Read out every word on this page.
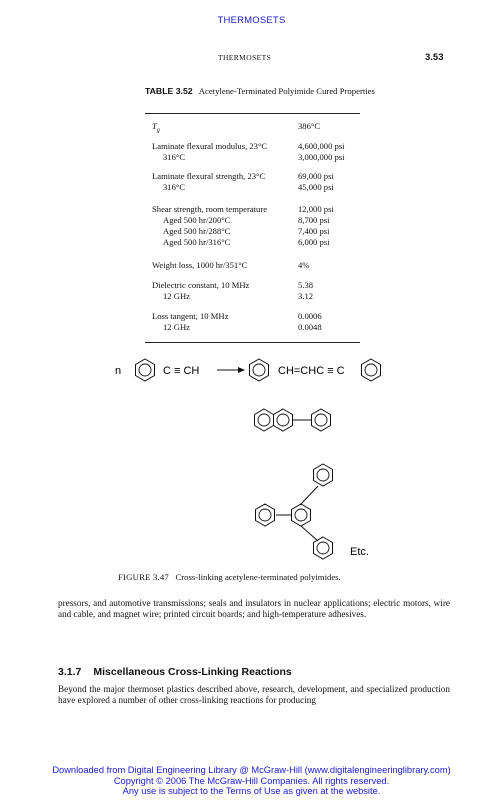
THERMOSETS
THERMOSETS	3.53
TABLE 3.52 Acetylene-Terminated Polyimide Cured Properties
$T_g$	386°C
Laminate flexural modulus, 23°C	4,600,000 psi
316°C	3,000,000 psi
Laminate flexural strength, 23°C	69,000 psi
316°C	45,000 psi
Shear strength, room temperature	12,000 psi
Aged 500 hr/200°C	8,700 psi
Aged 500 hr/288°C	7,400 psi
Aged 500 hr/316°C	6,000 psi
Weight loss, 1000 hr/351°C	4%
Dielectric constant, 10 MHz	5.38
12 GHz	3.12
Loss tangent, 10 MHz	0.0006
12 GHz	0.0048
n	C ≡ CH	CH=CHC ≡ C
Etc.
FIGURE 3.47 Cross-linking acetylene-terminated polyimides.
pressors, and automotive transmissions; seals and insulators in nuclear applications; electric motors, wire and cable, and magnet wire; printed circuit boards; and high-temperature adhesives.
3.1.7 Miscellaneous Cross-Linking Reactions
Beyond the major thermoset plastics described above, research, development, and specialized production have explored a number of other cross-linking reactions for producing
Downloaded from Digital Engineering Library @ McGraw-Hill (www.digitalengineeringlibrary.com)
Copyright © 2006 The McGraw-Hill Companies. All rights reserved.
Any use is subject to the Terms of Use as given at the website.
